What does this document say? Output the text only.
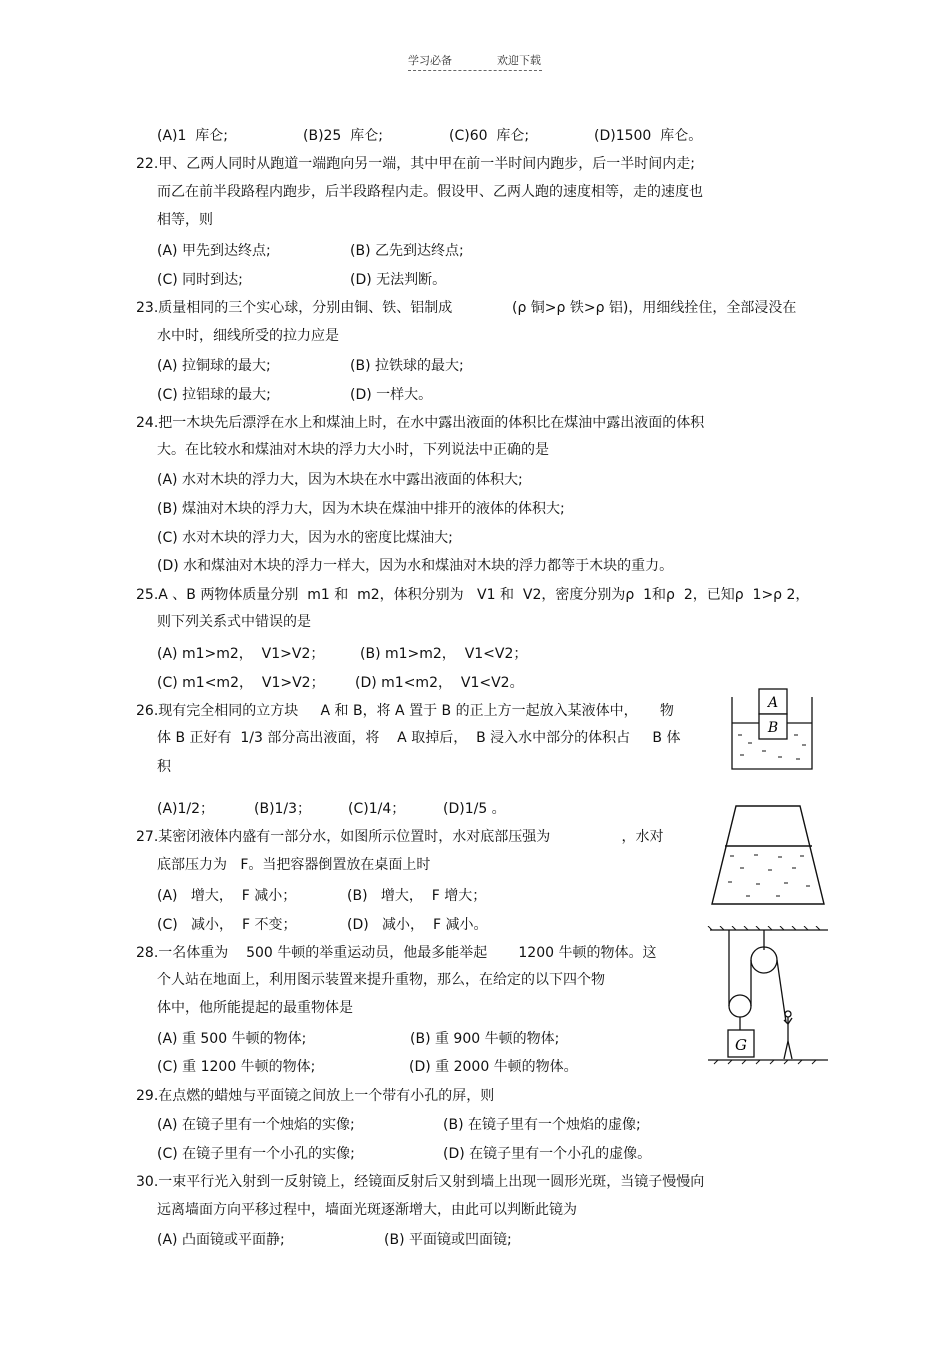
学习必备	欢迎下载
(A)1  库仑;	(B)25  库仑;	(C)60  库仑;	(D)1500  库仑。
22.甲、乙两人同时从跑道一端跑向另一端，其中甲在前一半时间内跑步，后一半时间内走;
而乙在前半段路程内跑步，后半段路程内走。假设甲、乙两人跑的速度相等，走的速度也
相等，则
(A) 甲先到达终点;	(B) 乙先到达终点;
(C) 同时到达;	(D) 无法判断。
23.质量相同的三个实心球，分别由铜、铁、铝制成	(ρ 铜>ρ 铁>ρ 铝)，用细线拴住，全部浸没在
水中时，细线所受的拉力应是
(A) 拉铜球的最大;	(B) 拉铁球的最大;
(C) 拉铝球的最大;	(D) 一样大。
24.把一木块先后漂浮在水上和煤油上时，在水中露出液面的体积比在煤油中露出液面的体积
大。在比较水和煤油对木块的浮力大小时，下列说法中正确的是
(A) 水对木块的浮力大，因为木块在水中露出液面的体积大;
(B) 煤油对木块的浮力大，因为木块在煤油中排开的液体的体积大;
(C) 水对木块的浮力大，因为水的密度比煤油大;
(D) 水和煤油对木块的浮力一样大，因为水和煤油对木块的浮力都等于木块的重力。
25.A 、B 两物体质量分别  m1 和  m2，体积分别为   V1 和  V2，密度分别为ρ  1和ρ  2，已知ρ  1>ρ 2，
则下列关系式中错误的是
(A) m1>m2，  V1>V2；	(B) m1>m2，  V1<V2；
(C) m1<m2，  V1>V2； (D) m1<m2，  V1<V2。
26.现有完全相同的立方块     A 和 B，将 A 置于 B 的正上方一起放入某液体中，     物
体 B 正好有  1/3 部分高出液面，将    A 取掉后，  B 浸入水中部分的体积占     B 体
积
(A)1/2；	(B)1/3；	(C)1/4；	(D)1/5 。
A
B
27.某密闭液体内盛有一部分水，如图所示位置时，水对底部压强为                ，水对
底部压力为   F。当把容器倒置放在桌面上时
(A)   增大，  F 减小；	(B)   增大，  F 增大；
(C)   减小，  F 不变；	(D)   减小，  F 减小。
28.一名体重为    500 牛顿的举重运动员，他最多能举起       1200 牛顿的物体。这
个人站在地面上，利用图示装置来提升重物，那么，在给定的以下四个物
体中，他所能提起的最重物体是
(A) 重 500 牛顿的物体;	(B) 重 900 牛顿的物体;
(C) 重 1200 牛顿的物体;	(D) 重 2000 牛顿的物体。
G
29.在点燃的蜡烛与平面镜之间放上一个带有小孔的屏，则
(A) 在镜子里有一个烛焰的实像;	(B) 在镜子里有一个烛焰的虚像;
(C) 在镜子里有一个小孔的实像;	(D) 在镜子里有一个小孔的虚像。
30.一束平行光入射到一反射镜上，经镜面反射后又射到墙上出现一圆形光斑，当镜子慢慢向
远离墙面方向平移过程中，墙面光斑逐渐增大，由此可以判断此镜为
(A) 凸面镜或平面静;	(B) 平面镜或凹面镜;
